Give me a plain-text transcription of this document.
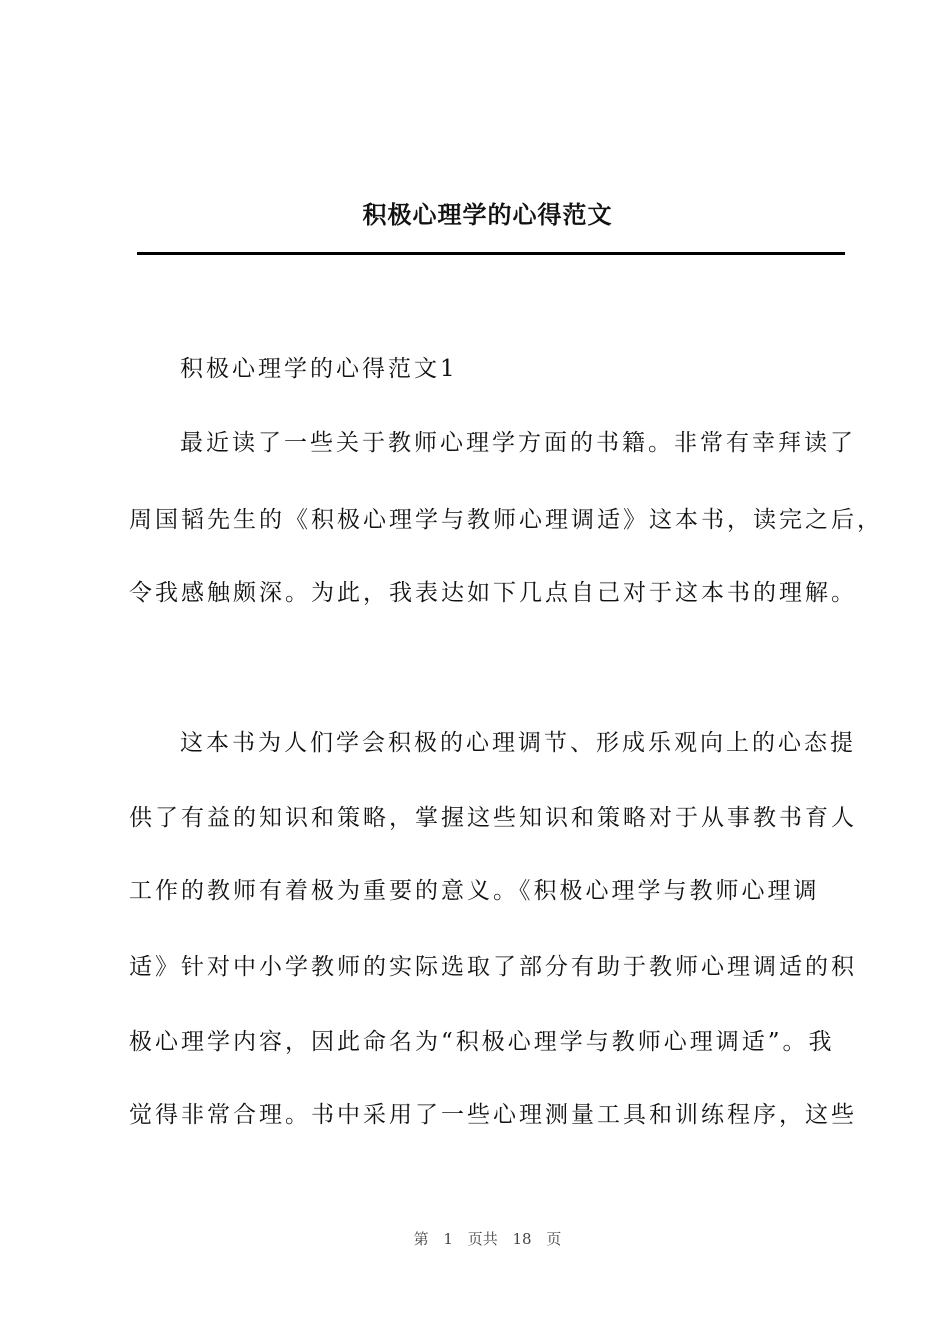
积极心理学的心得范文
积极心理学的心得范文1
最近读了一些关于教师心理学方面的书籍。非常有幸拜读了
周国韬先生的《积极心理学与教师心理调适》这本书，读完之后，
令我感触颇深。为此，我表达如下几点自己对于这本书的理解。
这本书为人们学会积极的心理调节、形成乐观向上的心态提
供了有益的知识和策略，掌握这些知识和策略对于从事教书育人
工作的教师有着极为重要的意义。《积极心理学与教师心理调
适》针对中小学教师的实际选取了部分有助于教师心理调适的积
极心理学内容，因此命名为“积极心理学与教师心理调适”。我
觉得非常合理。书中采用了一些心理测量工具和训练程序，这些
第 1 页共 18 页
